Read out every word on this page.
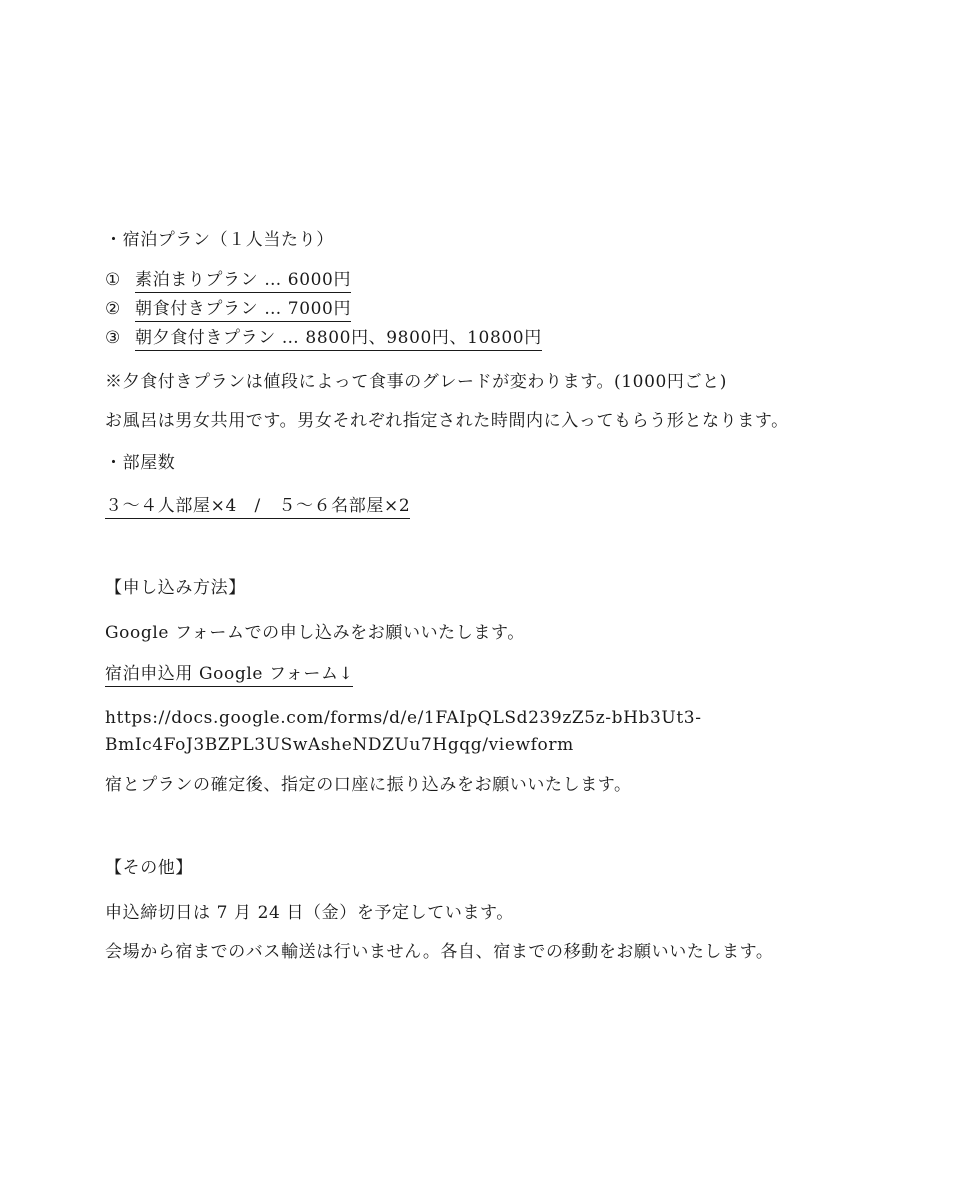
・宿泊プラン（１人当たり）
① 素泊まりプラン … 6000円
② 朝食付きプラン … 7000円
③ 朝夕食付きプラン … 8800円、9800円、10800円
※夕食付きプランは値段によって食事のグレードが変わります。(1000円ごと)
お風呂は男女共用です。男女それぞれ指定された時間内に入ってもらう形となります。
・部屋数
３～４人部屋×4　/　５～６名部屋×2
【申し込み方法】
Google フォームでの申し込みをお願いいたします。
宿泊申込用 Google フォーム↓
https://docs.google.com/forms/d/e/1FAIpQLSd239zZ5z-bHb3Ut3-
BmIc4FoJ3BZPL3USwAsheNDZUu7Hgqg/viewform
宿とプランの確定後、指定の口座に振り込みをお願いいたします。
【その他】
申込締切日は 7 月 24 日（金）を予定しています。
会場から宿までのバス輸送は行いません。各自、宿までの移動をお願いいたします。
